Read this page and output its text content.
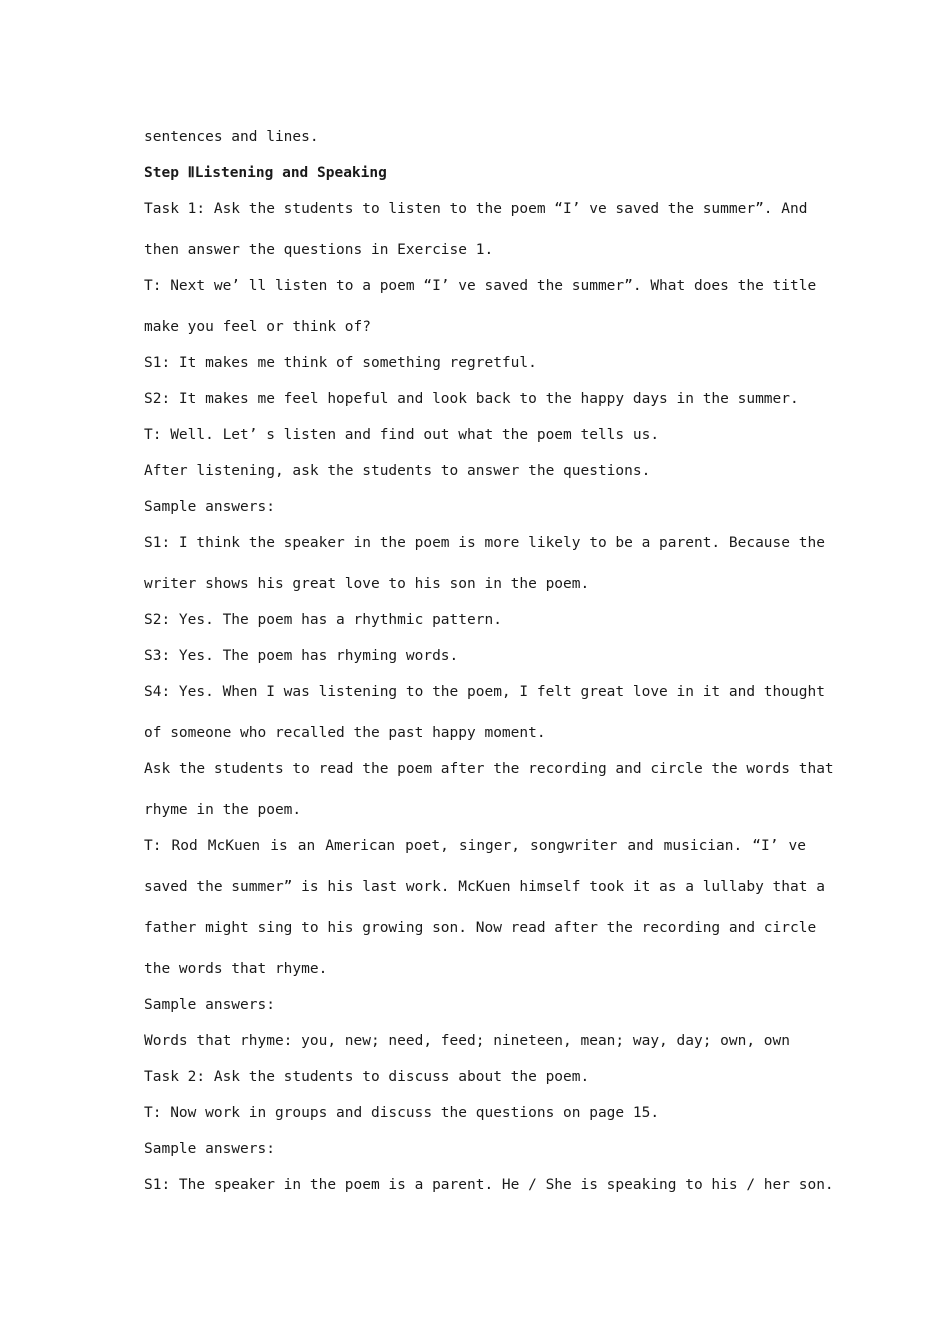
sentences and lines.
Step ⅡListening and Speaking
Task 1: Ask the students to listen to the poem “I’ ve saved the summer”. And
then answer the questions in Exercise 1.
T: Next we’ ll listen to a poem “I’ ve saved the summer”. What does the title
make you feel or think of?
S1: It makes me think of something regretful.
S2: It makes me feel hopeful and look back to the happy days in the summer.
T: Well. Let’ s listen and find out what the poem tells us.
After listening, ask the students to answer the questions.
Sample answers:
S1: I think the speaker in the poem is more likely to be a parent. Because the
writer shows his great love to his son in the poem.
S2: Yes. The poem has a rhythmic pattern.
S3: Yes. The poem has rhyming words.
S4: Yes. When I was listening to the poem, I felt great love in it and thought
of someone who recalled the past happy moment.
Ask the students to read the poem after the recording and circle the words that
rhyme in the poem.
T: Rod McKuen is an American poet, singer, songwriter and musician. “I’ ve
saved the summer” is his last work. McKuen himself took it as a lullaby that a
father might sing to his growing son. Now read after the recording and circle
the words that rhyme.
Sample answers:
Words that rhyme: you, new; need, feed; nineteen, mean; way, day; own, own
Task 2: Ask the students to discuss about the poem.
T: Now work in groups and discuss the questions on page 15.
Sample answers:
S1: The speaker in the poem is a parent. He / She is speaking to his / her son.
